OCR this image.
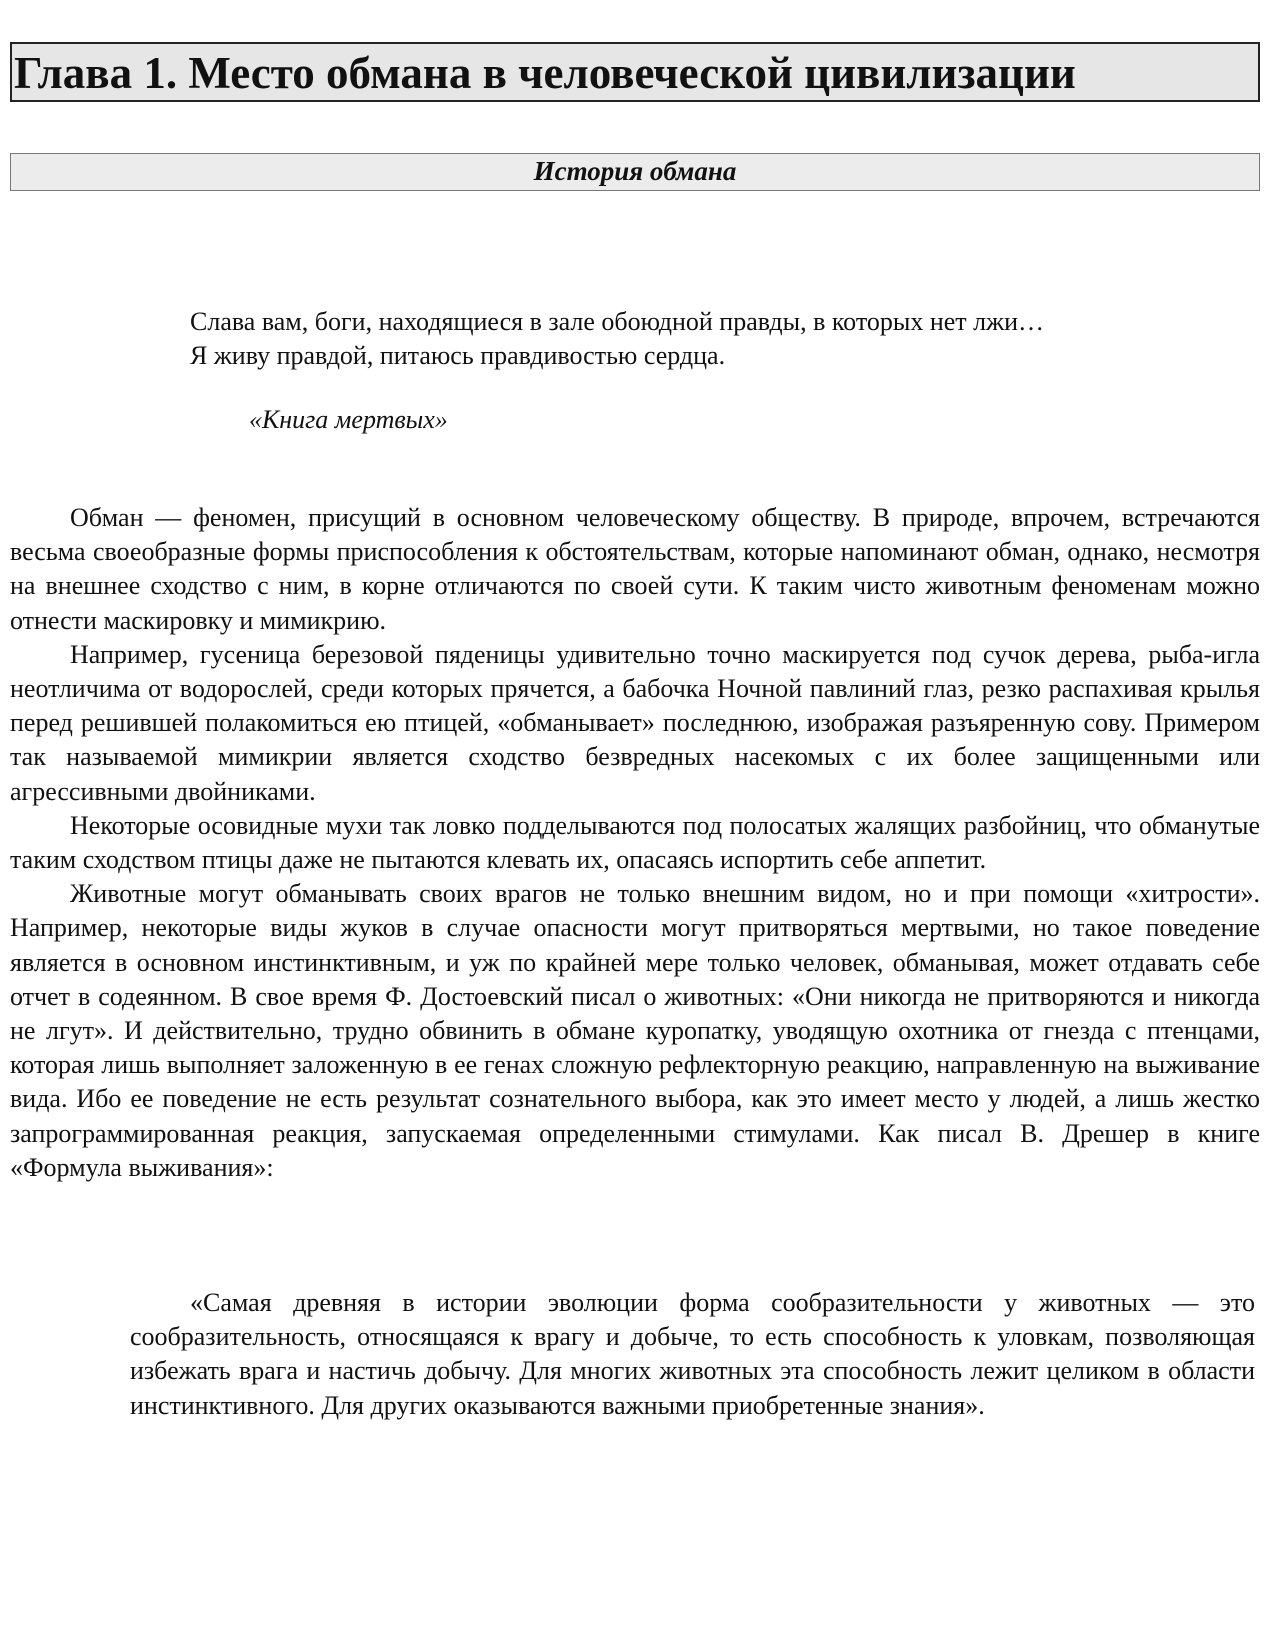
Глава 1. Место обмана в человеческой цивилизации
История обмана
Слава вам, боги, находящиеся в зале обоюдной правды, в которых нет лжи…
Я живу правдой, питаюсь правдивостью сердца.
«Книга мертвых»

Обман — феномен, присущий в основном человеческому обществу. В природе, впрочем, встречаются весьма своеобразные формы приспособления к обстоятельствам, которые напоминают обман, однако, несмотря на внешнее сходство с ним, в корне отличаются по своей сути. К таким чисто животным феноменам можно отнести маскировку и мимикрию.

Например, гусеница березовой пяденицы удивительно точно маскируется под сучок дерева, рыба-игла неотличима от водорослей, среди которых прячется, а бабочка Ночной павлиний глаз, резко распахивая крылья перед решившей полакомиться ею птицей, «обманывает» последнюю, изображая разъяренную сову. Примером так называемой мимикрии является сходство безвредных насекомых с их более защищенными или агрессивными двойниками.

Некоторые осовидные мухи так ловко подделываются под полосатых жалящих разбойниц, что обманутые таким сходством птицы даже не пытаются клевать их, опасаясь испортить себе аппетит.

Животные могут обманывать своих врагов не только внешним видом, но и при помощи «хитрости». Например, некоторые виды жуков в случае опасности могут притворяться мертвыми, но такое поведение является в основном инстинктивным, и уж по крайней мере только человек, обманывая, может отдавать себе отчет в содеянном. В свое время Ф. Достоевский писал о животных: «Они никогда не притворяются и никогда не лгут». И действительно, трудно обвинить в обмане куропатку, уводящую охотника от гнезда с птенцами, которая лишь выполняет заложенную в ее генах сложную рефлекторную реакцию, направленную на выживание вида. Ибо ее поведение не есть результат сознательного выбора, как это имеет место у людей, а лишь жестко запрограммированная реакция, запускаемая определенными стимулами. Как писал В. Дрешер в книге «Формула выживания»:

«Самая древняя в истории эволюции форма сообразительности у животных — это сообразительность, относящаяся к врагу и добыче, то есть способность к уловкам, позволяющая избежать врага и настичь добычу. Для многих животных эта способность лежит целиком в области инстинктивного. Для других оказываются важными приобретенные знания».
